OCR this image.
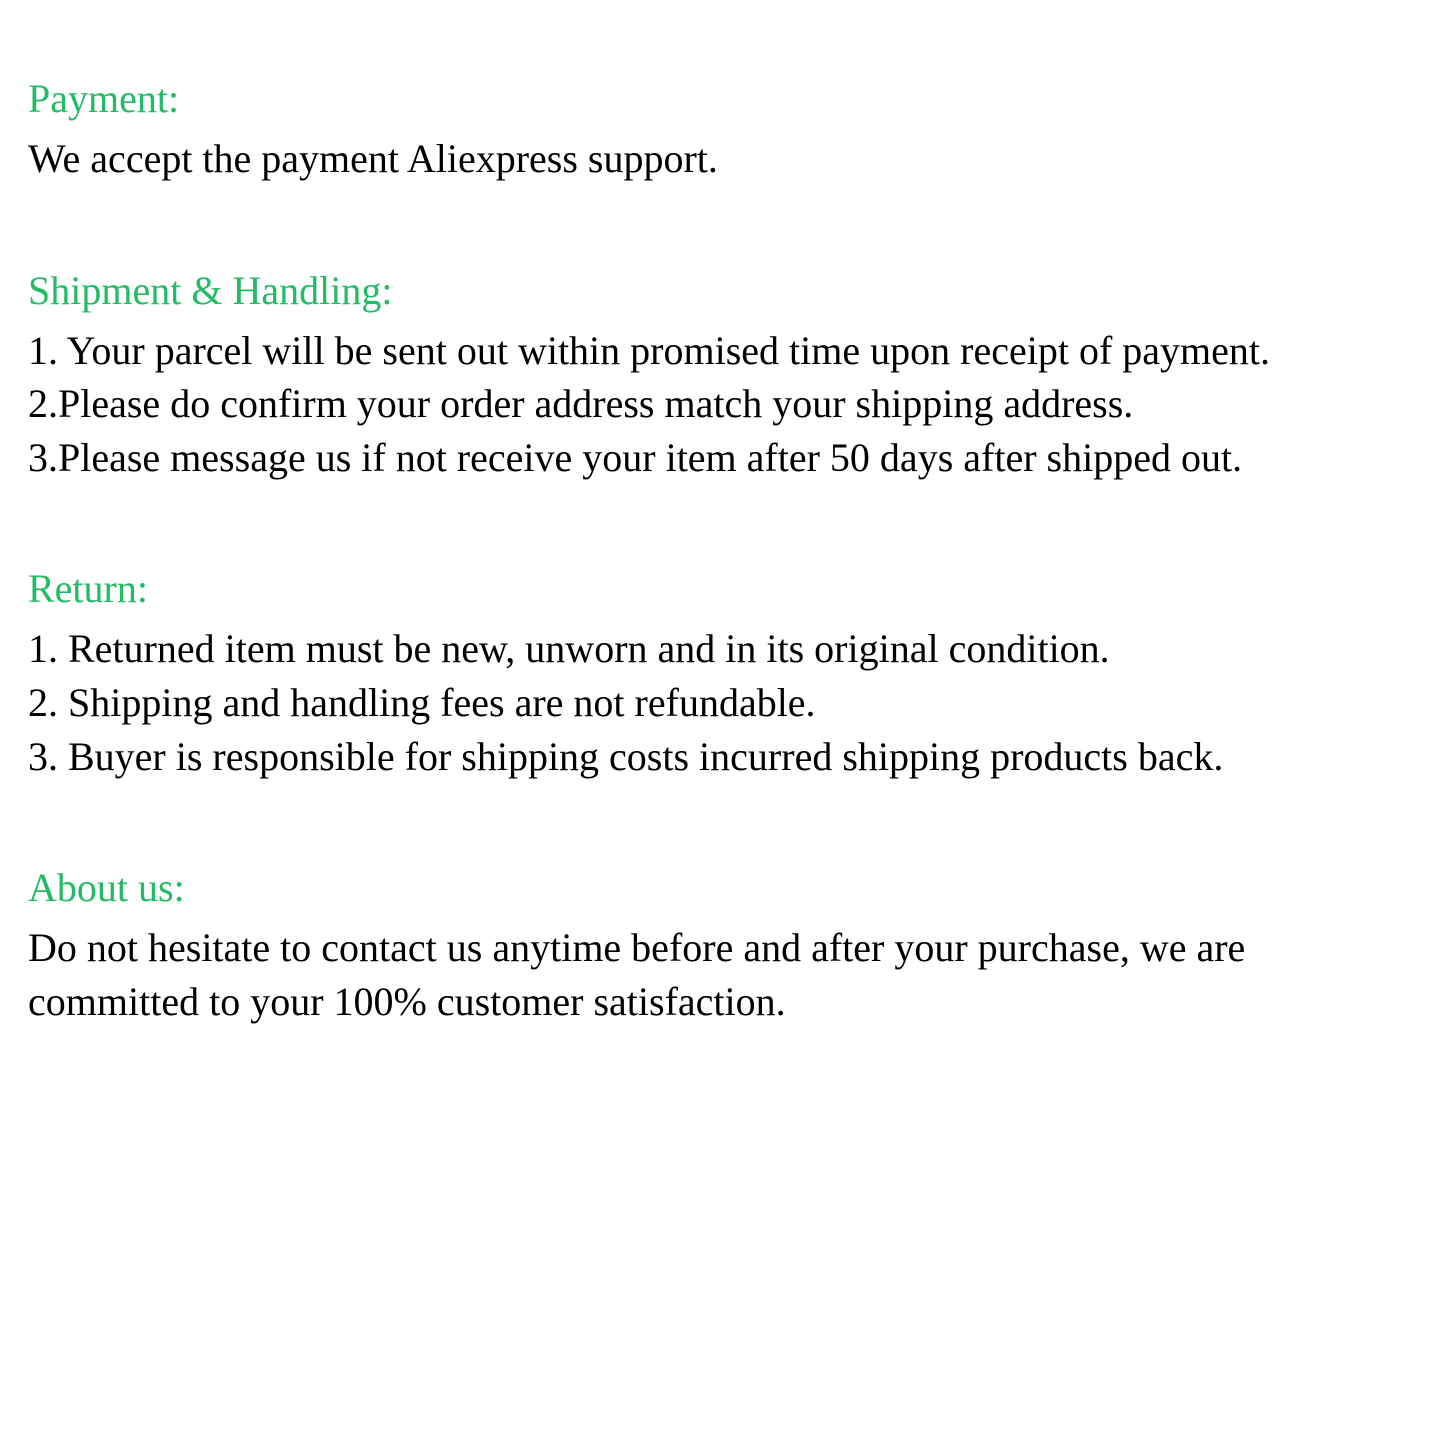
Payment:

We accept the payment Aliexpress support.

Shipment & Handling:

1. Your parcel will be sent out within promised time upon receipt of payment.

2.Please do confirm your order address match your shipping address.

3.Please message us if not receive your item after 50 days after shipped out.

Return:

1. Returned item must be new, unworn and in its original condition.

2. Shipping and handling fees are not refundable.

3. Buyer is responsible for shipping costs incurred shipping products back.

About us:

Do not hesitate to contact us anytime before and after your purchase, we are committed to your 100% customer satisfaction.
